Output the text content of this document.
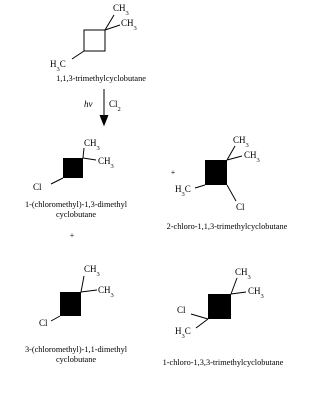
$CH_3$
$CH_3$
$H_3C$
1,1,3-trimethylcyclobutane
hv $Cl_2$
$CH_3$
$CH_3$
Cl
1-(chloromethyl)-1,3-dimethyl
cyclobutane
+
$CH_3$
$CH_3$
$H_3C$
Cl
2-chloro-1,1,3-trimethylcyclobutane
+
$CH_3$
$CH_3$
Cl
3-(chloromethyl)-1,1-dimethyl
cyclobutane
$CH_3$
$CH_3$
Cl
$H_3C$
1-chloro-1,3,3-trimethylcyclobutane
